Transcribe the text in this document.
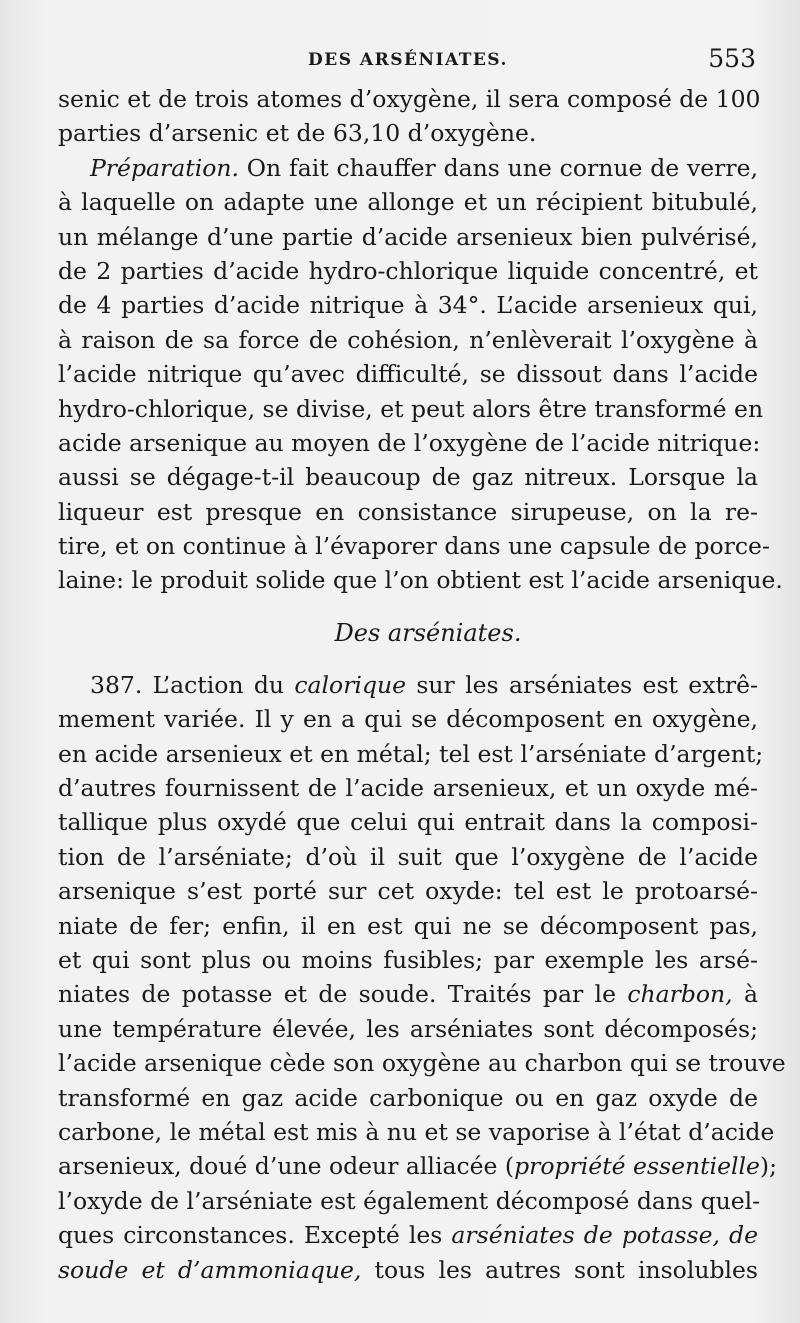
DES ARSÉNIATES.	553
senic et de trois atomes d’oxygène, il sera composé de 100
parties d’arsenic et de 63,10 d’oxygène.
Préparation. On fait chauffer dans une cornue de verre,
à laquelle on adapte une allonge et un récipient bitubulé,
un mélange d’une partie d’acide arsenieux bien pulvérisé,
de 2 parties d’acide hydro-chlorique liquide concentré, et
de 4 parties d’acide nitrique à 34°. L’acide arsenieux qui,
à raison de sa force de cohésion, n’enlèverait l’oxygène à
l’acide nitrique qu’avec difficulté, se dissout dans l’acide
hydro-chlorique, se divise, et peut alors être transformé en
acide arsenique au moyen de l’oxygène de l’acide nitrique:
aussi se dégage-t-il beaucoup de gaz nitreux. Lorsque la
liqueur est presque en consistance sirupeuse, on la re-
tire, et on continue à l’évaporer dans une capsule de porce-
laine: le produit solide que l’on obtient est l’acide arsenique.
Des arséniates.
387. L’action du calorique sur les arséniates est extrê-
mement variée. Il y en a qui se décomposent en oxygène,
en acide arsenieux et en métal; tel est l’arséniate d’argent;
d’autres fournissent de l’acide arsenieux, et un oxyde mé-
tallique plus oxydé que celui qui entrait dans la composi-
tion de l’arséniate; d’où il suit que l’oxygène de l’acide
arsenique s’est porté sur cet oxyde: tel est le protoarsé-
niate de fer; enfin, il en est qui ne se décomposent pas,
et qui sont plus ou moins fusibles; par exemple les arsé-
niates de potasse et de soude. Traités par le charbon, à
une température élevée, les arséniates sont décomposés;
l’acide arsenique cède son oxygène au charbon qui se trouve
transformé en gaz acide carbonique ou en gaz oxyde de
carbone, le métal est mis à nu et se vaporise à l’état d’acide
arsenieux, doué d’une odeur alliacée (propriété essentielle);
l’oxyde de l’arséniate est également décomposé dans quel-
ques circonstances. Excepté les arséniates de potasse, de
soude et d’ammoniaque, tous les autres sont insolubles
